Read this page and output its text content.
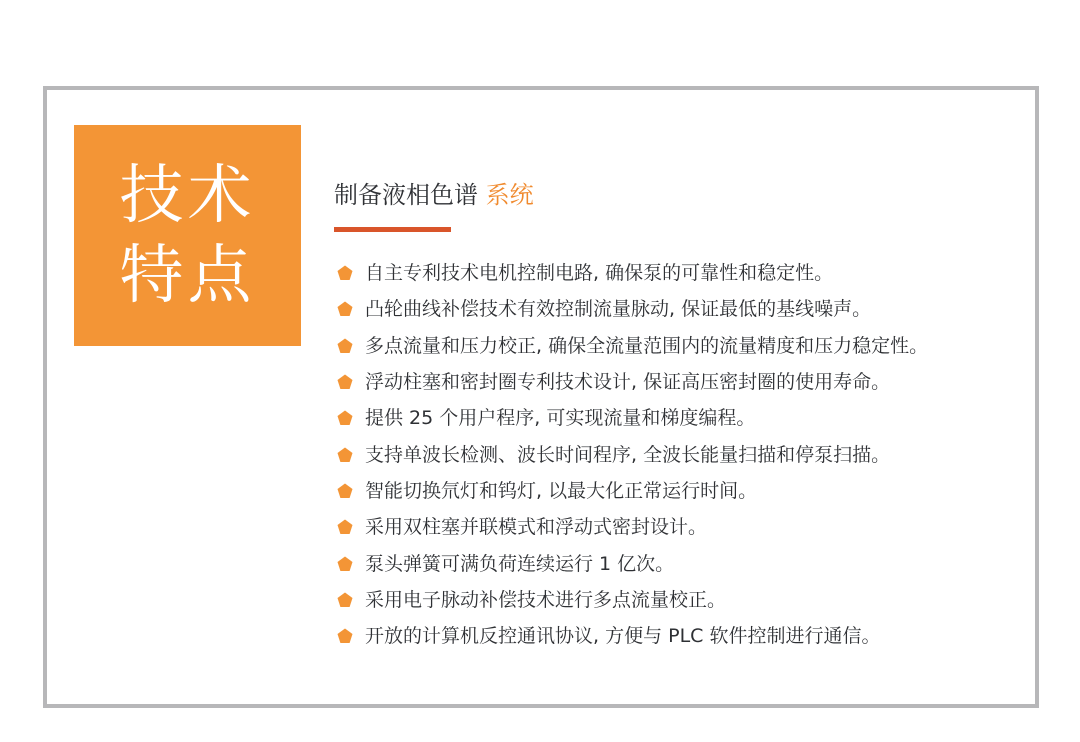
技术
特点
制备液相色谱 系统
自主专利技术电机控制电路, 确保泵的可靠性和稳定性。
凸轮曲线补偿技术有效控制流量脉动, 保证最低的基线噪声。
多点流量和压力校正, 确保全流量范围内的流量精度和压力稳定性。
浮动柱塞和密封圈专利技术设计, 保证高压密封圈的使用寿命。
提供 25 个用户程序, 可实现流量和梯度编程。
支持单波长检测、波长时间程序, 全波长能量扫描和停泵扫描。
智能切换氘灯和钨灯, 以最大化正常运行时间。
采用双柱塞并联模式和浮动式密封设计。
泵头弹簧可满负荷连续运行 1 亿次。
采用电子脉动补偿技术进行多点流量校正。
开放的计算机反控通讯协议, 方便与 PLC 软件控制进行通信。
